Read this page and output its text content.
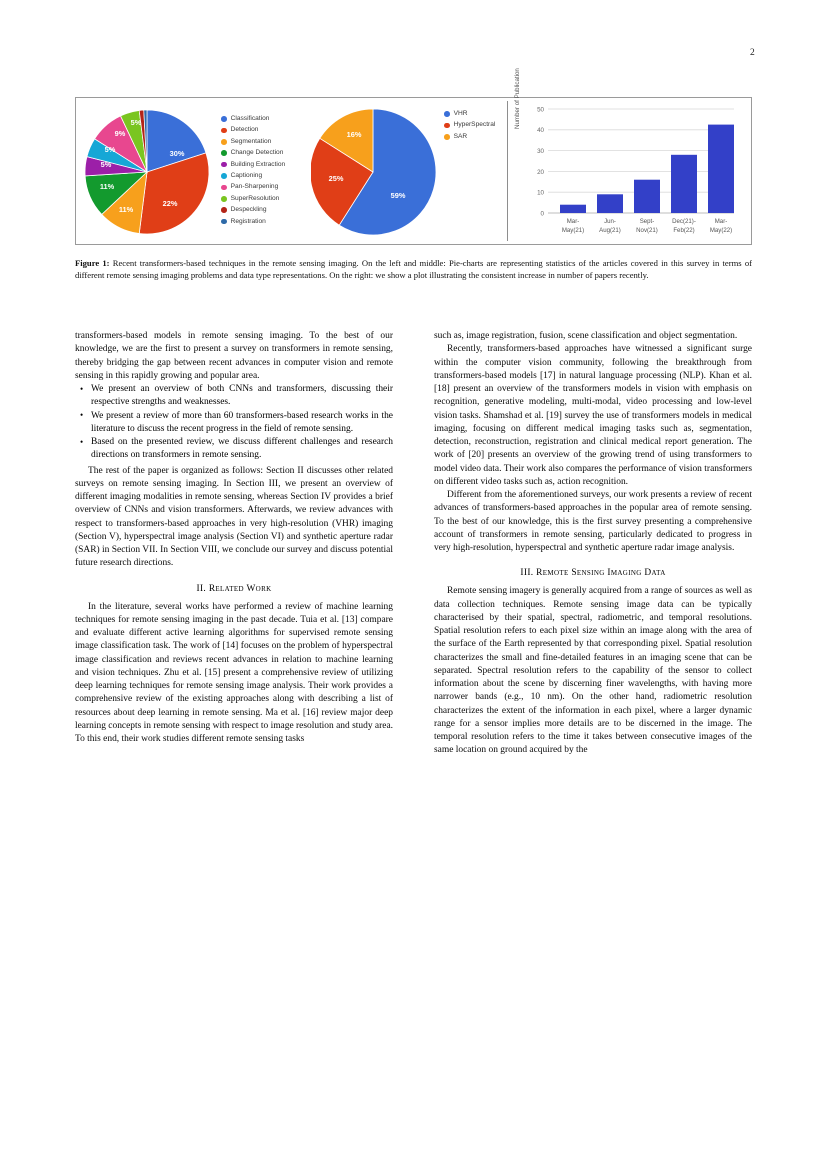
2
30%
22%
11%
11%
5%
5%
9%
5%	Classification
Detection
Segmentation
Change Detection
Building Extraction
Captioning
Pan-Sharpening
SuperResolution
Despeckling
Registration
59%
25%
16%
VHR
HyperSpectral
SAR
Number of Publication
0
10
20
30
40
50
Mar-
May(21)
Jun-
Aug(21)
Sept-
Nov(21)
Dec(21)-
Feb(22)
Mar-
May(22)
Figure 1: Recent transformers-based techniques in the remote sensing imaging. On the left and middle: Pie-charts are representing statistics of the articles covered in this survey in terms of different remote sensing imaging problems and data type representations. On the right: we show a plot illustrating the consistent increase in number of papers recently.

transformers-based models in remote sensing imaging. To the best of our knowledge, we are the first to present a survey on transformers in remote sensing, thereby bridging the gap between recent advances in computer vision and remote sensing in this rapidly growing and popular area.

• We present an overview of both CNNs and transformers, discussing their respective strengths and weaknesses.
• We present a review of more than 60 transformers-based research works in the literature to discuss the recent progress in the field of remote sensing.
• Based on the presented review, we discuss different challenges and research directions on transformers in remote sensing.

The rest of the paper is organized as follows: Section II discusses other related surveys on remote sensing imaging. In Section III, we present an overview of different imaging modalities in remote sensing, whereas Section IV provides a brief overview of CNNs and vision transformers. Afterwards, we review advances with respect to transformers-based approaches in very high-resolution (VHR) imaging (Section V), hyperspectral image analysis (Section VI) and synthetic aperture radar (SAR) in Section VII. In Section VIII, we conclude our survey and discuss potential future research directions.

II. Related Work

In the literature, several works have performed a review of machine learning techniques for remote sensing imaging in the past decade. Tuia et al. [13] compare and evaluate different active learning algorithms for supervised remote sensing image classification task. The work of [14] focuses on the problem of hyperspectral image classification and reviews recent advances in relation to machine learning and vision techniques. Zhu et al. [15] present a comprehensive review of utilizing deep learning techniques for remote sensing image analysis. Their work provides a comprehensive review of the existing approaches along with describing a list of resources about deep learning in remote sensing. Ma et al. [16] review major deep learning concepts in remote sensing with respect to image resolution and study area. To this end, their work studies different remote sensing tasks

such as, image registration, fusion, scene classification and object segmentation.

Recently, transformers-based approaches have witnessed a significant surge within the computer vision community, following the breakthrough from transformers-based models [17] in natural language processing (NLP). Khan et al. [18] present an overview of the transformers models in vision with emphasis on recognition, generative modeling, multi-modal, video processing and low-level vision tasks. Shamshad et al. [19] survey the use of transformers models in medical imaging, focusing on different medical imaging tasks such as, segmentation, detection, reconstruction, registration and clinical medical report generation. The work of [20] presents an overview of the growing trend of using transformers to model video data. Their work also compares the performance of vision transformers on different video tasks such as, action recognition.

Different from the aforementioned surveys, our work presents a review of recent advances of transformers-based approaches in the popular area of remote sensing. To the best of our knowledge, this is the first survey presenting a comprehensive account of transformers in remote sensing, particularly dedicated to progress in very high-resolution, hyperspectral and synthetic aperture radar image analysis.

III. Remote Sensing Imaging Data

Remote sensing imagery is generally acquired from a range of sources as well as data collection techniques. Remote sensing image data can be typically characterised by their spatial, spectral, radiometric, and temporal resolutions. Spatial resolution refers to each pixel size within an image along with the area of the surface of the Earth represented by that corresponding pixel. Spatial resolution characterizes the small and fine-detailed features in an imaging scene that can be separated. Spectral resolution refers to the capability of the sensor to collect information about the scene by discerning finer wavelengths, with having more narrower bands (e.g., 10 nm). On the other hand, radiometric resolution characterizes the extent of the information in each pixel, where a larger dynamic range for a sensor implies more details are to be discerned in the image. The temporal resolution refers to the time it takes between consecutive images of the same location on ground acquired by the
